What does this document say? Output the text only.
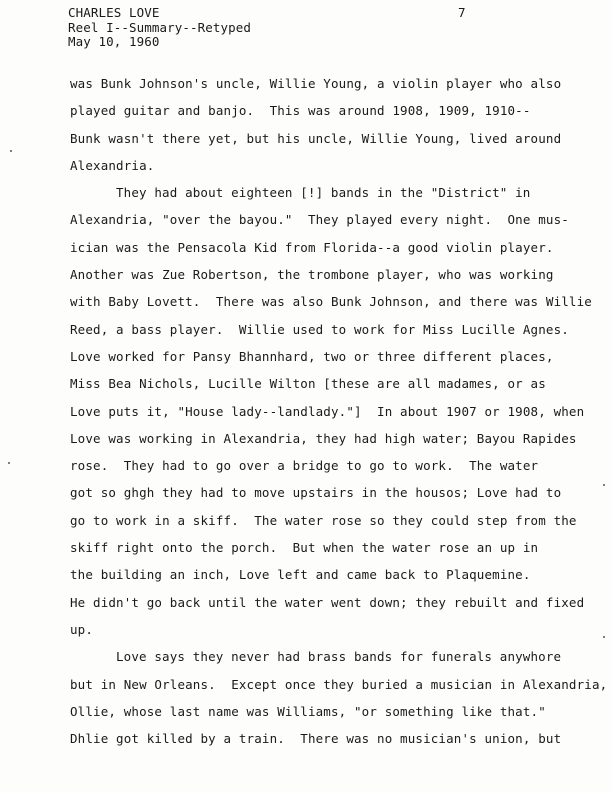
CHARLES LOVE
Reel I--Summary--Retyped
May 10, 1960
7
was Bunk Johnson's uncle, Willie Young, a violin player who also
played guitar and banjo.  This was around 1908, 1909, 1910--
Bunk wasn't there yet, but his uncle, Willie Young, lived around
Alexandria.
They had about eighteen [!] bands in the "District" in
Alexandria, "over the bayou."  They played every night.  One mus-
ician was the Pensacola Kid from Florida--a good violin player.
Another was Zue Robertson, the trombone player, who was working
with Baby Lovett.  There was also Bunk Johnson, and there was Willie
Reed, a bass player.  Willie used to work for Miss Lucille Agnes.
Love worked for Pansy Bhannhard, two or three different places,
Miss Bea Nichols, Lucille Wilton [these are all madames, or as
Love puts it, "House lady--landlady."]  In about 1907 or 1908, when
Love was working in Alexandria, they had high water; Bayou Rapides
rose.  They had to go over a bridge to go to work.  The water
got so ghgh they had to move upstairs in the housos; Love had to
go to work in a skiff.  The water rose so they could step from the
skiff right onto the porch.  But when the water rose an up in
the building an inch, Love left and came back to Plaquemine.
He didn't go back until the water went down; they rebuilt and fixed
up.
Love says they never had brass bands for funerals anywhore
but in New Orleans.  Except once they buried a musician in Alexandria,
Ollie, whose last name was Williams, "or something like that."
Dhlie got killed by a train.  There was no musician's union, but
